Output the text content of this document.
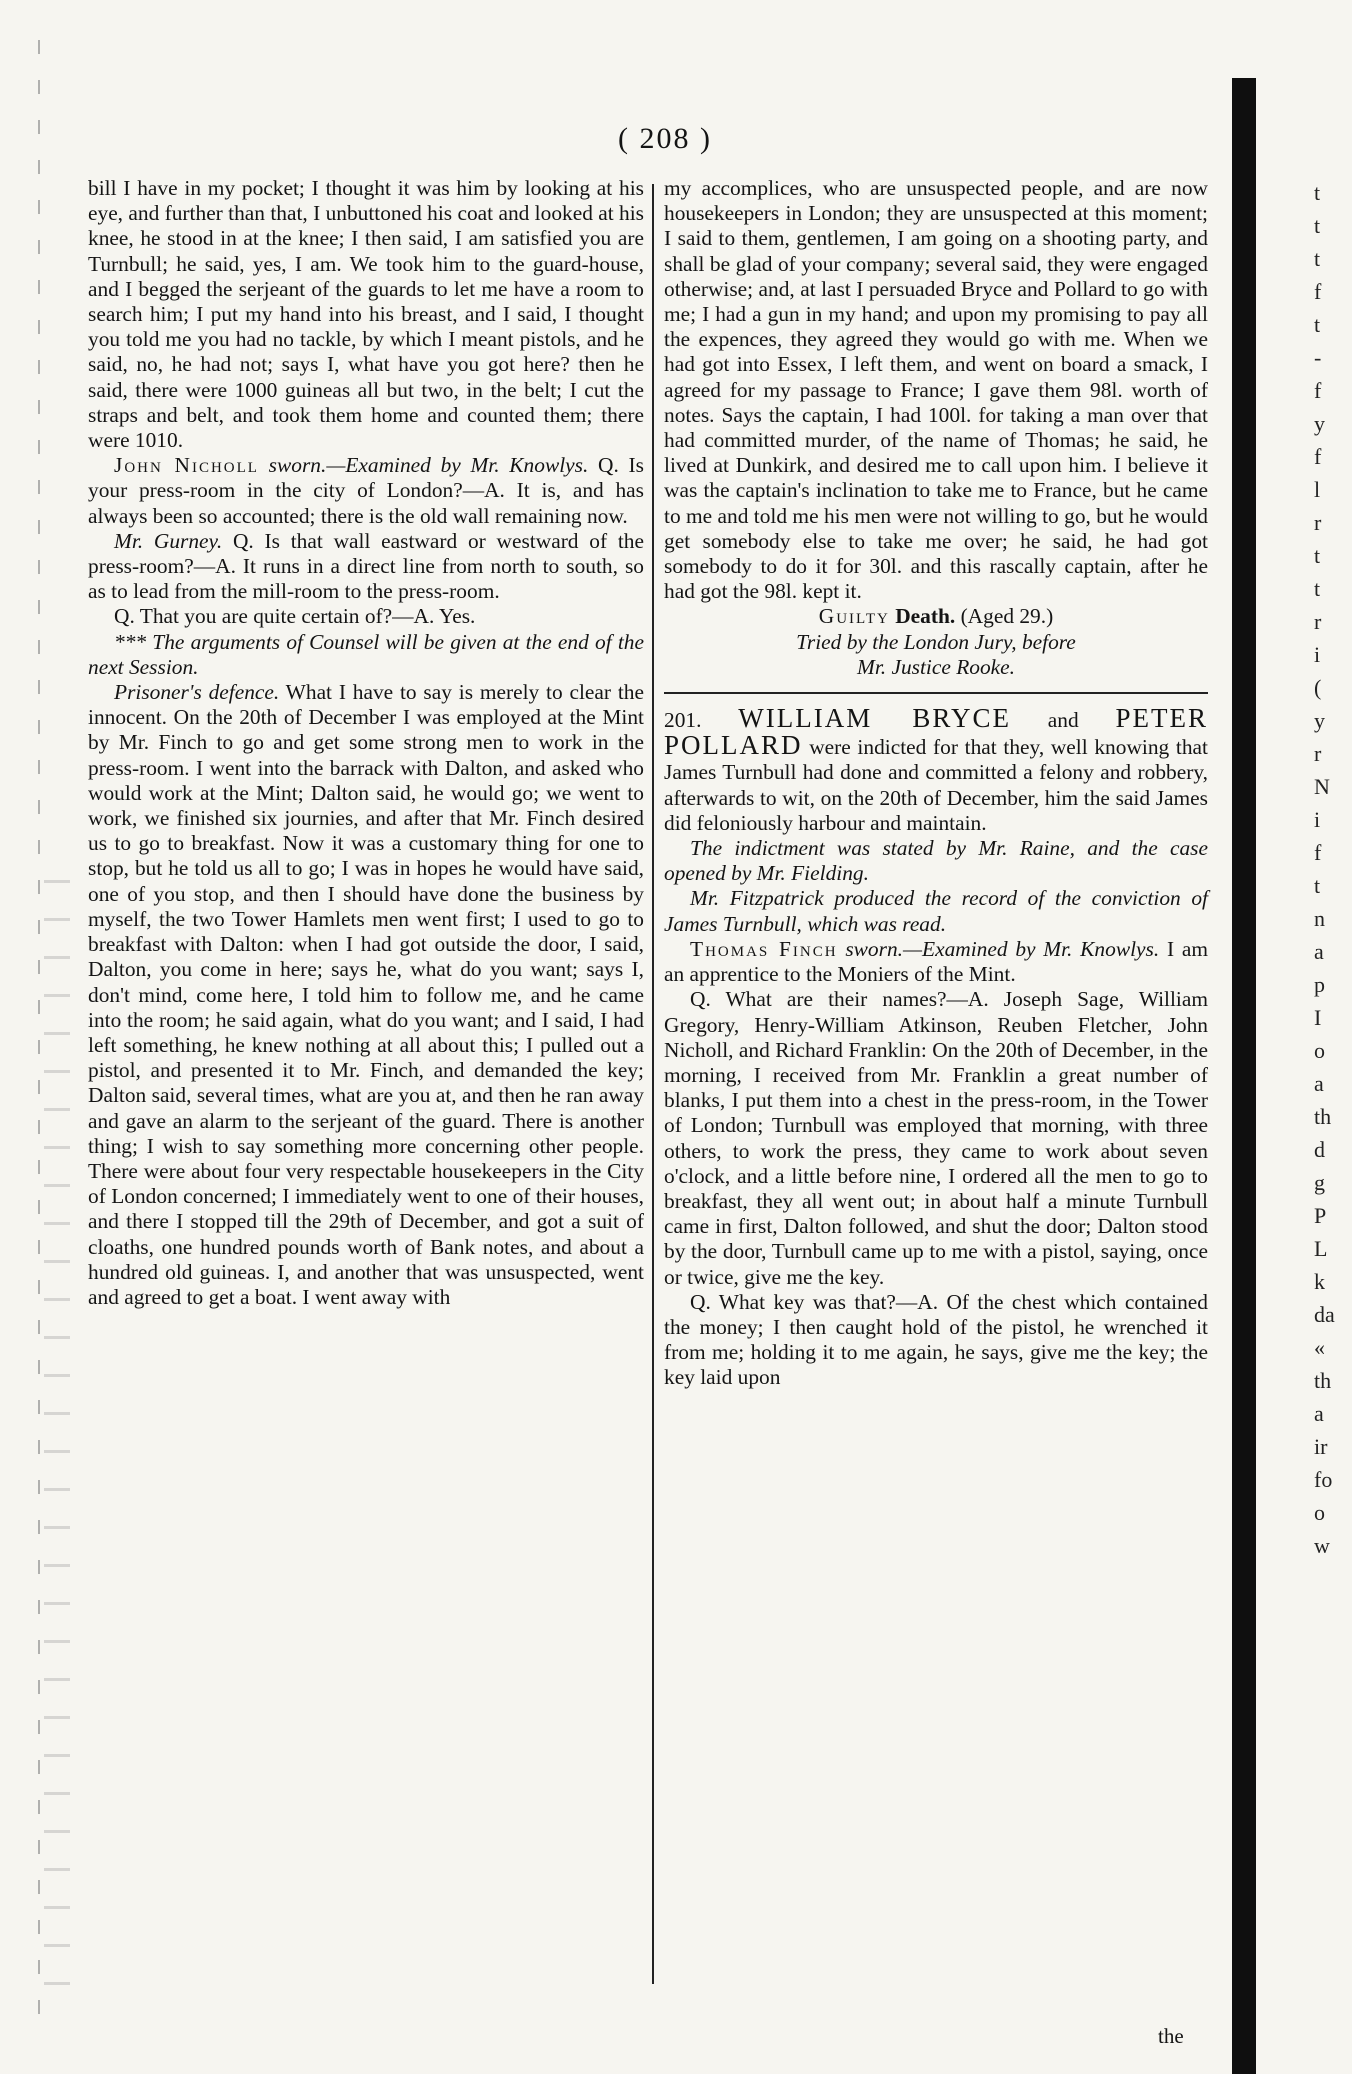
( 208 )

bill I have in my pocket; I thought it was him by looking at his eye, and further than that, I unbuttoned his coat and looked at his knee, he stood in at the knee; I then said, I am satisfied you are Turnbull; he said, yes, I am. We took him to the guard-house, and I begged the serjeant of the guards to let me have a room to search him; I put my hand into his breast, and I said, I thought you told me you had no tackle, by which I meant pistols, and he said, no, he had not; says I, what have you got here? then he said, there were 1000 guineas all but two, in the belt; I cut the straps and belt, and took them home and counted them; there were 1010.

John Nicholl sworn.—Examined by Mr. Knowlys. Q. Is your press-room in the city of London?—A. It is, and has always been so accounted; there is the old wall remaining now.

Mr. Gurney. Q. Is that wall eastward or westward of the press-room?—A. It runs in a direct line from north to south, so as to lead from the mill-room to the press-room.

Q. That you are quite certain of?—A. Yes.

*** The arguments of Counsel will be given at the end of the next Session.

Prisoner's defence. What I have to say is merely to clear the innocent. On the 20th of December I was employed at the Mint by Mr. Finch to go and get some strong men to work in the press-room. I went into the barrack with Dalton, and asked who would work at the Mint; Dalton said, he would go; we went to work, we finished six journies, and after that Mr. Finch desired us to go to breakfast. Now it was a customary thing for one to stop, but he told us all to go; I was in hopes he would have said, one of you stop, and then I should have done the business by myself, the two Tower Hamlets men went first; I used to go to breakfast with Dalton: when I had got outside the door, I said, Dalton, you come in here; says he, what do you want; says I, don't mind, come here, I told him to follow me, and he came into the room; he said again, what do you want; and I said, I had left something, he knew nothing at all about this; I pulled out a pistol, and presented it to Mr. Finch, and demanded the key; Dalton said, several times, what are you at, and then he ran away and gave an alarm to the serjeant of the guard. There is another thing; I wish to say something more concerning other people. There were about four very respectable housekeepers in the City of London concerned; I immediately went to one of their houses, and there I stopped till the 29th of December, and got a suit of cloaths, one hundred pounds worth of Bank notes, and about a hundred old guineas. I, and another that was unsuspected, went and agreed to get a boat. I went away with

my accomplices, who are unsuspected people, and are now housekeepers in London; they are unsuspected at this moment; I said to them, gentlemen, I am going on a shooting party, and shall be glad of your company; several said, they were engaged otherwise; and, at last I persuaded Bryce and Pollard to go with me; I had a gun in my hand; and upon my promising to pay all the expences, they agreed they would go with me. When we had got into Essex, I left them, and went on board a smack, I agreed for my passage to France; I gave them 98l. worth of notes. Says the captain, I had 100l. for taking a man over that had committed murder, of the name of Thomas; he said, he lived at Dunkirk, and desired me to call upon him. I believe it was the captain's inclination to take me to France, but he came to me and told me his men were not willing to go, but he would get somebody else to take me over; he said, he had got somebody to do it for 30l. and this rascally captain, after he had got the 98l. kept it.

Guilty Death. (Aged 29.)

Tried by the London Jury, before

Mr. Justice Rooke.

201. WILLIAM BRYCE and PETER POLLARD were indicted for that they, well knowing that James Turnbull had done and committed a felony and robbery, afterwards to wit, on the 20th of December, him the said James did feloniously harbour and maintain.

The indictment was stated by Mr. Raine, and the case opened by Mr. Fielding.

Mr. Fitzpatrick produced the record of the conviction of James Turnbull, which was read.

Thomas Finch sworn.—Examined by Mr. Knowlys. I am an apprentice to the Moniers of the Mint.

Q. What are their names?—A. Joseph Sage, William Gregory, Henry-William Atkinson, Reuben Fletcher, John Nicholl, and Richard Franklin: On the 20th of December, in the morning, I received from Mr. Franklin a great number of blanks, I put them into a chest in the press-room, in the Tower of London; Turnbull was employed that morning, with three others, to work the press, they came to work about seven o'clock, and a little before nine, I ordered all the men to go to breakfast, they all went out; in about half a minute Turnbull came in first, Dalton followed, and shut the door; Dalton stood by the door, Turnbull came up to me with a pistol, saying, once or twice, give me the key.

Q. What key was that?—A. Of the chest which contained the money; I then caught hold of the pistol, he wrenched it from me; holding it to me again, he says, give me the key; the key laid upon

the
t
t
t
f
t
-
f
y
f
l
r
t
t
r
i
(
y
r
N
i
f
t
n
a
p
I
o
a
th
d
g
P
L
k
da
«
th
a
ir
fo
o
w
